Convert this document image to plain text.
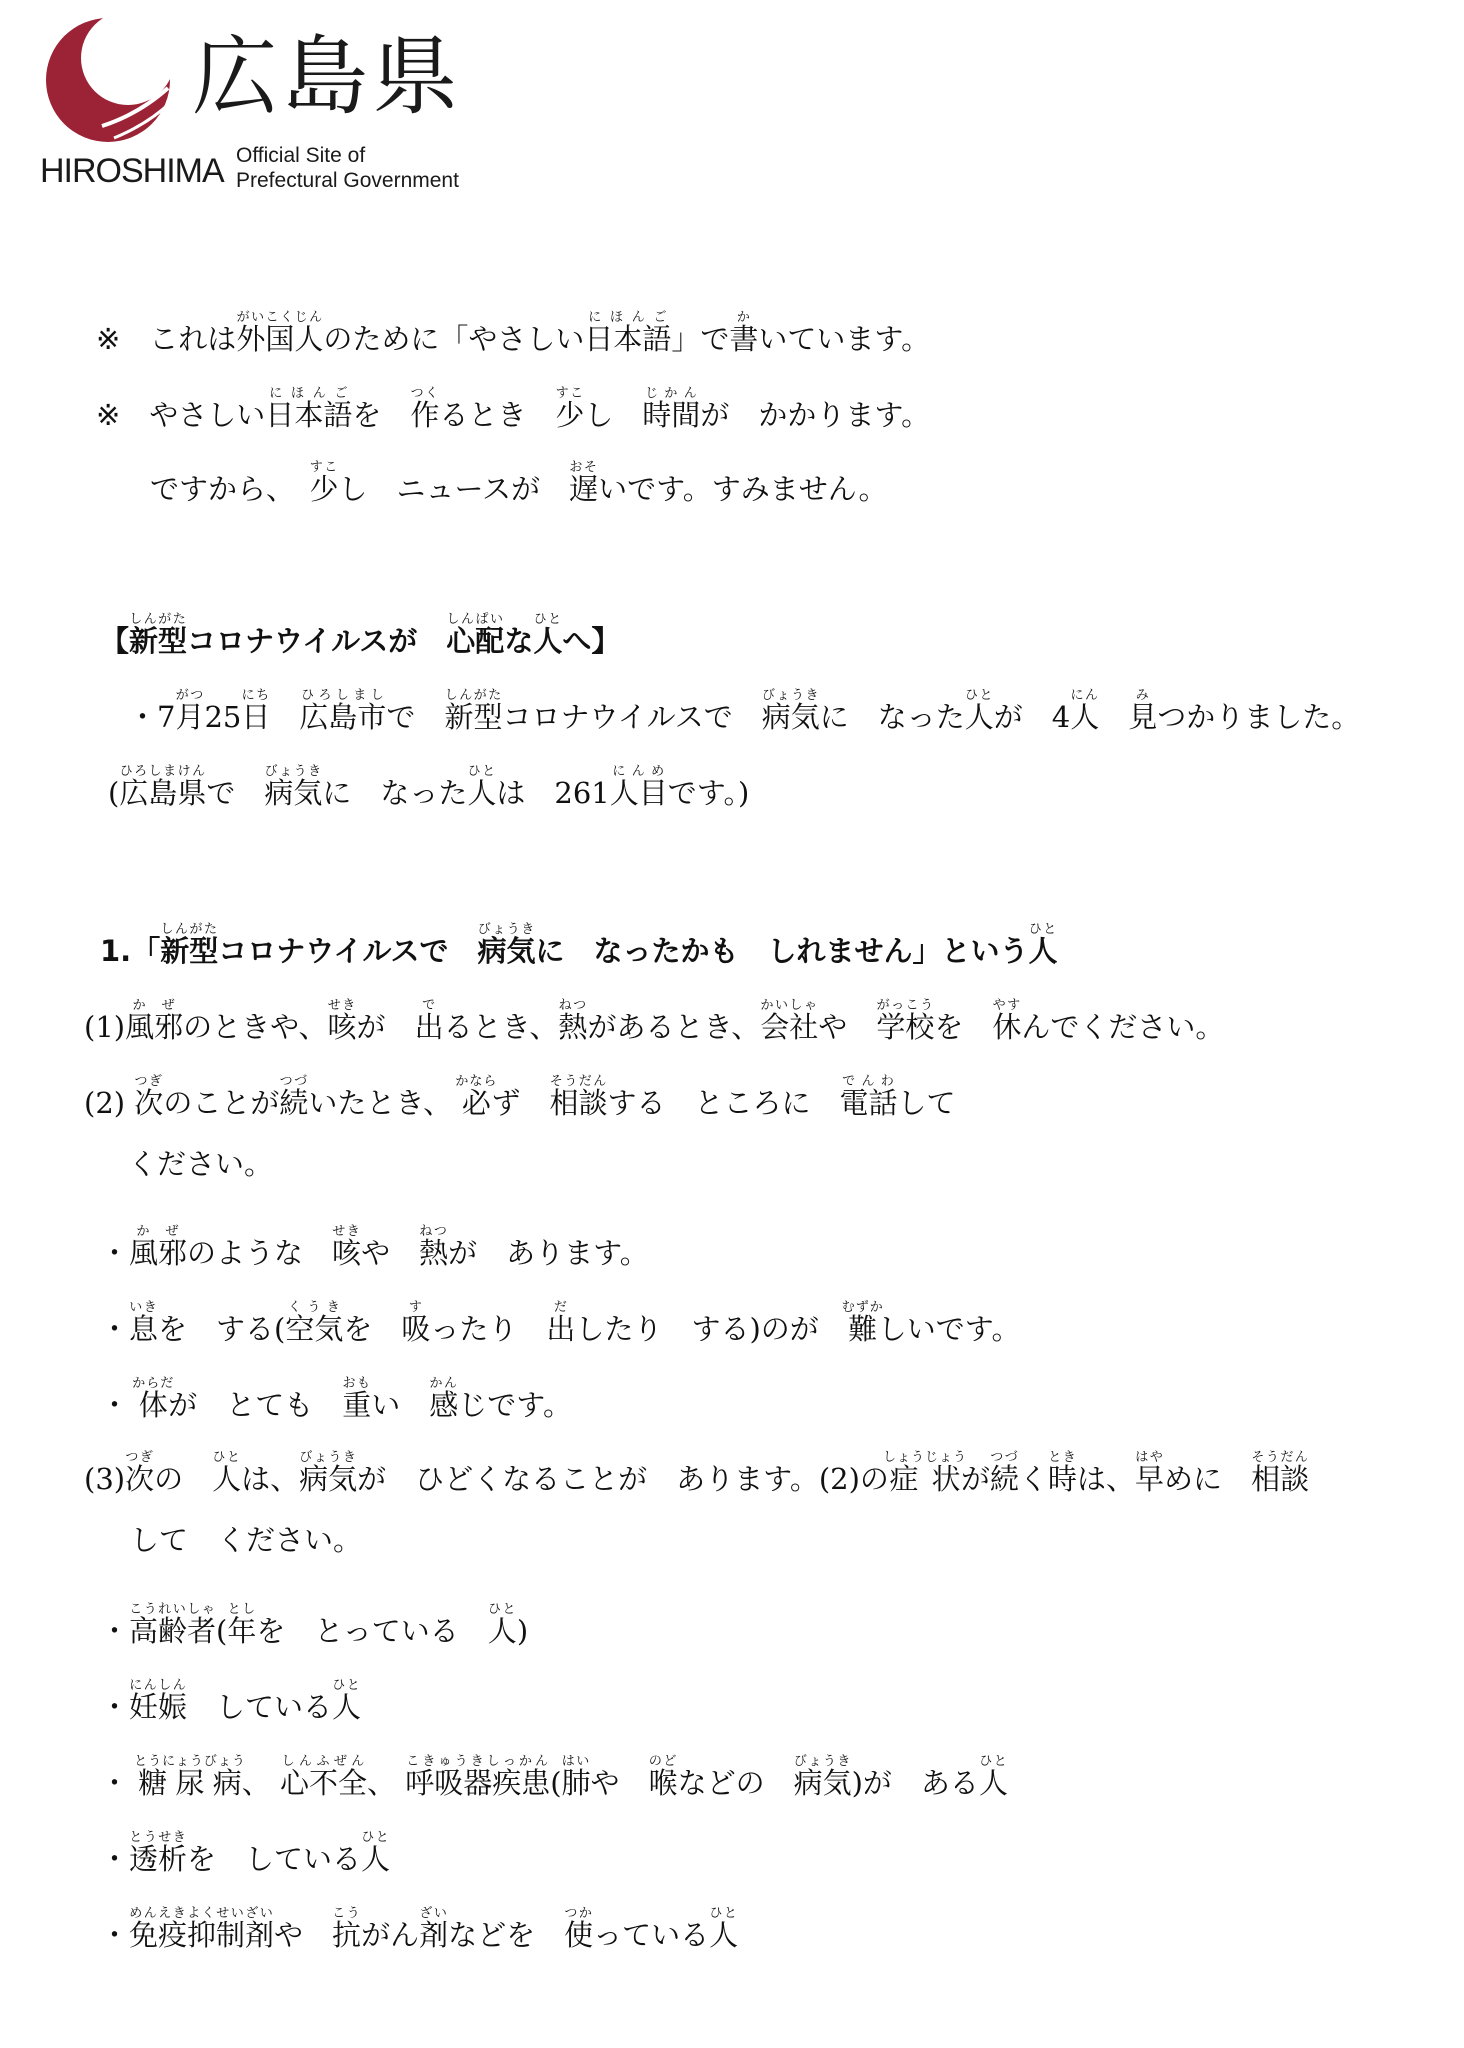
広島県
HIROSHIMA Official Site of
Prefectural Government
※　これは外国人がいこくじんのために「やさしい日本語にほんご」で書かいています。
※　やさしい日本語にほんごを　作つくるとき　少すこし　時間じかんが　かかります。
ですから、　少すこし　ニュースが　遅おそいです。すみません。
【新型しんがたコロナウイルスが　心配しんぱいな人ひとへ】
・7月がつ25日にち　広島市ひろしましで　新型しんがたコロナウイルスで　病気びょうきに　なった人ひとが　4人にん　見みつかりました。
(広島県ひろしまけんで　病気びょうきに　なった人ひとは　261人目にんめです。)
1.「新型しんがたコロナウイルスで　病気びょうきに　なったかも　しれません」という人ひと
(1)風邪かぜのときや、咳せきが　出でるとき、熱ねつがあるとき、会社かいしゃや　学校がっこうを　休やすんでください。
(2) 次つぎのことが続つづいたとき、 必かならず　相談そうだんする　ところに　電話でんわして
ください。
・風邪かぜのような　咳せきや　熱ねつが　あります。
・息いきを　する(空気くうきを　吸すったり　出だしたり　する)のが　難むずかしいです。
・ 体からだが　とても　重おもい　感かんじです。
(3)次つぎの　人ひとは、病気びょうきが　ひどくなることが　あります。(2)の症状しょうじょうが続つづく時ときは、早はやめに　相談そうだん
して　ください。
・高齢者こうれいしゃ(年としを　とっている　人ひと)
・妊娠にんしん　している人ひと
・ 糖尿病とうにょうびょう、 心不全しんふぜん、 呼吸器疾患こきゅうきしっかん(肺はいや　喉のどなどの　病気びょうき)が　ある人ひと
・透析とうせきを　している人ひと
・免疫抑制剤めんえきよくせいざいや　抗こうがん剤ざいなどを　使つかっている人ひと
